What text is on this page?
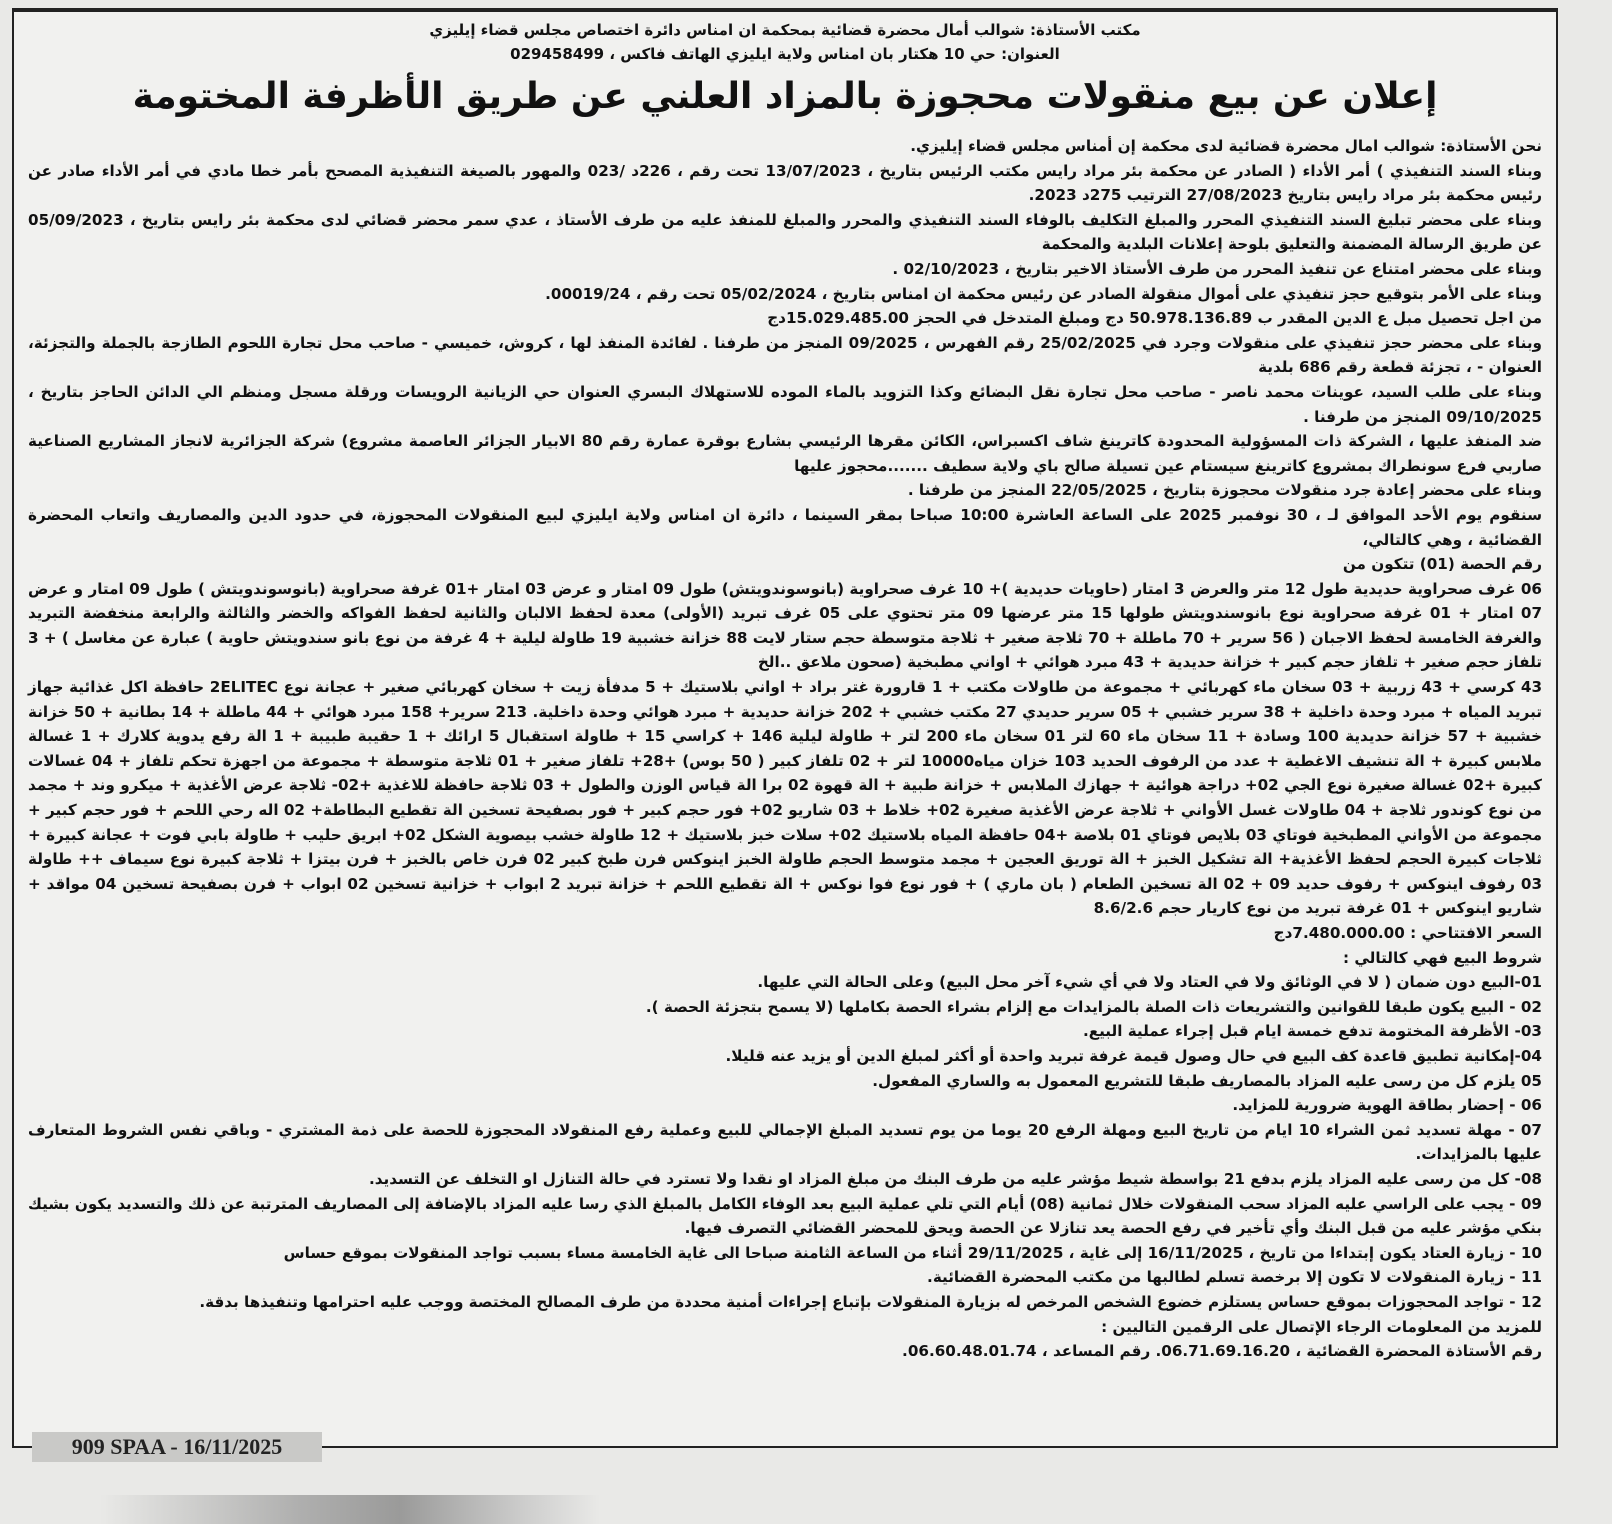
مكتب الأستاذة: شوالب أمال محضرة قضائية بمحكمة ان امناس دائرة اختصاص مجلس قضاء إيليزي
العنوان: حي 10 هكتار بان امناس ولاية ايليزي الهاتف فاكس ، 029458499
إعلان عن بيع منقولات محجوزة بالمزاد العلني عن طريق الأظرفة المختومة

نحن الأستاذة: شوالب امال محضرة قضائية لدى محكمة إن أمناس مجلس قضاء إيليزي.

وبناء السند التنفيذي ) أمر الأداء ( الصادر عن محكمة بئر مراد رايس مكتب الرئيس بتاريخ ، 13/07/2023 تحت رقم ، 226د /023 والمهور بالصيغة التنفيذية المصحح بأمر خطا مادي في أمر الأداء صادر عن رئيس محكمة بئر مراد رايس بتاريخ 27/08/2023 الترتيب 275د 2023.

وبناء على محضر تبليغ السند التنفيذي المحرر والمبلغ التكليف بالوفاء السند التنفيذي والمحرر والمبلغ للمنفذ عليه من طرف الأستاذ ، عدي سمر محضر قضائي لدى محكمة بئر رايس بتاريخ ، 05/09/2023 عن طريق الرسالة المضمنة والتعليق بلوحة إعلانات البلدية والمحكمة

وبناء على محضر امتناع عن تنفيذ المحرر من طرف الأستاذ الاخير بتاريخ ، 02/10/2023 .

وبناء على الأمر بتوقيع حجز تنفيذي على أموال منقولة الصادر عن رئيس محكمة ان امناس بتاريخ ، 05/02/2024 تحت رقم ، 00019/24.

من اجل تحصيل مبل ع الدين المقدر ب 50.978.136.89 دج ومبلغ المتدخل في الحجز 15.029.485.00دج

وبناء على محضر حجز تنفيذي على منقولات وجرد في 25/02/2025 رقم الفهرس ، 09/2025 المنجز من طرفنا . لفائدة المنفذ لها ، كروش، خميسي - صاحب محل تجارة اللحوم الطازجة بالجملة والتجزئة، العنوان - ، تجزئة قطعة رقم 686 بلدية

وبناء على طلب السيد، عوينات محمد ناصر - صاحب محل تجارة نقل البضائع وكذا التزويد بالماء الموده للاستهلاك البسري العنوان حي الزيانية الرويسات ورقلة مسجل ومنظم الي الدائن الحاجز بتاريخ ، 09/10/2025 المنجز من طرفنا .

ضد المنفذ عليها ، الشركة ذات المسؤولية المحدودة كاترينغ شاف اكسبراس، الكائن مقرها الرئيسي بشارع بوقرة عمارة رقم 80 الابيار الجزائر العاصمة مشروع) شركة الجزائرية لانجاز المشاريع الصناعية صاربي فرع سونطراك بمشروع كاترينغ سيستام عين تسيلة صالح باي ولاية سطيف .......محجوز عليها

وبناء على محضر إعادة جرد منقولات محجوزة بتاريخ ، 22/05/2025 المنجز من طرفنا .

سنقوم يوم الأحد الموافق لـ ، 30 نوفمبر 2025 على الساعة العاشرة 10:00 صباحا بمقر السينما ، دائرة ان امناس ولاية ايليزي لبيع المنقولات المحجوزة، في حدود الدين والمصاريف واتعاب المحضرة القضائية ، وهي كالتالي،

رقم الحصة (01) تتكون من

06 غرف صحراوية حديدية طول 12 متر والعرض 3 امتار (حاويات حديدية )+ 10 غرف صحراوية (بانوسوندويتش) طول 09 امتار و عرض 03 امتار +01 غرفة صحراوية (بانوسوندويتش ) طول 09 امتار و عرض 07 امتار + 01 غرفة صحراوية نوع بانوسندويتش طولها 15 متر عرضها 09 متر تحتوي على 05 غرف تبريد (الأولى) معدة لحفظ الالبان والثانية لحفظ الفواكه والخضر والثالثة والرابعة منخفضة التبريد والغرفة الخامسة لحفظ الاجبان ( 56 سرير + 70 ماطلة + 70 ثلاجة صغير + ثلاجة متوسطة حجم ستار لايت 88 خزانة خشبية 19 طاولة ليلية + 4 غرفة من نوع بانو سندويتش حاوية ) عبارة عن مغاسل ) + 3 تلفاز حجم صغير + تلفاز حجم كبير + خزانة حديدية + 43 مبرد هوائي + اواني مطبخية (صحون ملاعق ..الخ

43 كرسي + 43 زربية + 03 سخان ماء كهربائي + مجموعة من طاولات مكتب + 1 قارورة غتر براد + اواني بلاستيك + 5 مدفأة زيت + سخان كهربائي صغير + عجانة نوع 2ELITEC حافظة اكل غذائية جهاز تبريد المياه + مبرد وحدة داخلية + 38 سرير خشبي + 05 سرير حديدي 27 مكتب خشبي + 202 خزانة حديدية + مبرد هوائي وحدة داخلية. 213 سرير+ 158 مبرد هوائي + 44 ماطلة + 14 بطانية + 50 خزانة خشبية + 57 خزانة حديدية 100 وسادة + 11 سخان ماء 60 لتر 01 سخان ماء 200 لتر + طاولة ليلية 146 + كراسي 15 + طاولة استقبال 5 ارائك + 1 حقيبة طبيبة + 1 الة رفع يدوية كلارك + 1 غسالة ملابس كبيرة + الة تنشيف الاغطية + عدد من الرفوف الحديد 103 خزان مياه10000 لتر + 02 تلفاز كبير ( 50 بوس) +28+ تلفاز صغير + 01 ثلاجة متوسطة + مجموعة من اجهزة تحكم تلفاز + 04 غسالات كبيرة +02 غسالة صغيرة نوع الجي 02+ دراجة هوائية + جهازك الملابس + خزانة طبية + الة قهوة 02 برا الة قياس الوزن والطول + 03 ثلاجة حافظة للاغذية +02- ثلاجة عرض الأغذية + ميكرو وند + مجمد من نوع كوندور ثلاجة + 04 طاولات غسل الأواني + ثلاجة عرض الأغذية صغيرة 02+ خلاط + 03 شاريو 02+ فور حجم كبير + فور بصفيحة تسخين الة تقطيع البطاطة+ 02 اله رحي اللحم + فور حجم كبير + مجموعة من الأواني المطبخية فوتاي 03 بلايص فوتاي 01 بلاصة +04 حافظة المياه بلاستيك 02+ سلات خبز بلاستيك + 12 طاولة خشب بيصوية الشكل 02+ ابريق حليب + طاولة بابي فوت + عجانة كبيرة + ثلاجات كبيرة الحجم لحفظ الأغذية+ الة تشكيل الخبز + الة توريق العجين + مجمد متوسط الحجم طاولة الخبز اينوكس فرن طبخ كبير 02 فرن خاص بالخبز + فرن بيتزا + ثلاجة كبيرة نوع سيماف ++ طاولة 03 رفوف اينوكس + رفوف حديد 09 + 02 الة تسخين الطعام ( بان ماري ) + فور نوع فوا نوكس + الة تقطيع اللحم + خزانة تبريد 2 ابواب + خزانية تسخين 02 ابواب + فرن بصفيحة تسخين 04 مواقد + شاريو اينوكس + 01 غرفة تبريد من نوع كاريار حجم 8.6/2.6

السعر الافتتاحي : 7.480.000.00دج

شروط البيع فهي كالتالي :

01-البيع دون ضمان ( لا في الوثائق ولا في العتاد ولا في أي شيء آخر محل البيع) وعلى الحالة التي عليها.

02 - البيع يكون طبقا للقوانين والتشريعات ذات الصلة بالمزايدات مع إلزام بشراء الحصة بكاملها (لا يسمح بتجزئة الحصة ).

03- الأظرفة المختومة تدفع خمسة ايام قبل إجراء عملية البيع.

04-إمكانية تطبيق قاعدة كف البيع في حال وصول قيمة غرفة تبريد واحدة أو أكثر لمبلغ الدين أو يزيد عنه قليلا.

05 يلزم كل من رسى عليه المزاد بالمصاريف طبقا للتشريع المعمول به والساري المفعول.

06 - إحضار بطاقة الهوية ضرورية للمزايد.

07 - مهلة تسديد ثمن الشراء 10 ايام من تاريخ البيع ومهلة الرفع 20 يوما من يوم تسديد المبلغ الإجمالي للبيع وعملية رفع المنقولاد المحجوزة للحصة على ذمة المشتري - وباقي نفس الشروط المتعارف عليها بالمزايدات.

08- كل من رسى عليه المزاد يلزم بدفع 21 بواسطة شيط مؤشر عليه من طرف البنك من مبلغ المزاد او نقدا ولا تسترد في حالة التنازل او التخلف عن التسديد.

09 - يجب على الراسي عليه المزاد سحب المنقولات خلال ثمانية (08) أيام التي تلي عملية البيع بعد الوفاء الكامل بالمبلغ الذي رسا عليه المزاد بالإضافة إلى المصاريف المترتبة عن ذلك والتسديد يكون بشيك بنكي مؤشر عليه من قبل البنك وأي تأخير في رفع الحصة يعد تنازلا عن الحصة ويحق للمحضر القضائي التصرف فيها.

10 - زيارة العتاد يكون إبتداءا من تاريخ ، 16/11/2025 إلى غاية ، 29/11/2025 أثناء من الساعة الثامنة صباحا الى غاية الخامسة مساء بسبب تواجد المنقولات بموقع حساس

11 - زيارة المنقولات لا تكون إلا برخصة تسلم لطالبها من مكتب المحضرة القضائية.

12 - تواجد المحجوزات بموقع حساس يستلزم خضوع الشخص المرخص له بزيارة المنقولات بإتباع إجراءات أمنية محددة من طرف المصالح المختصة ووجب عليه احترامها وتنفيذها بدقة.

للمزيد من المعلومات الرجاء الإتصال على الرقمين التاليين :

رقم الأستاذة المحضرة القضائية ، 06.71.69.16.20. رقم المساعد ، 06.60.48.01.74.

909 SPAA - 16/11/2025
